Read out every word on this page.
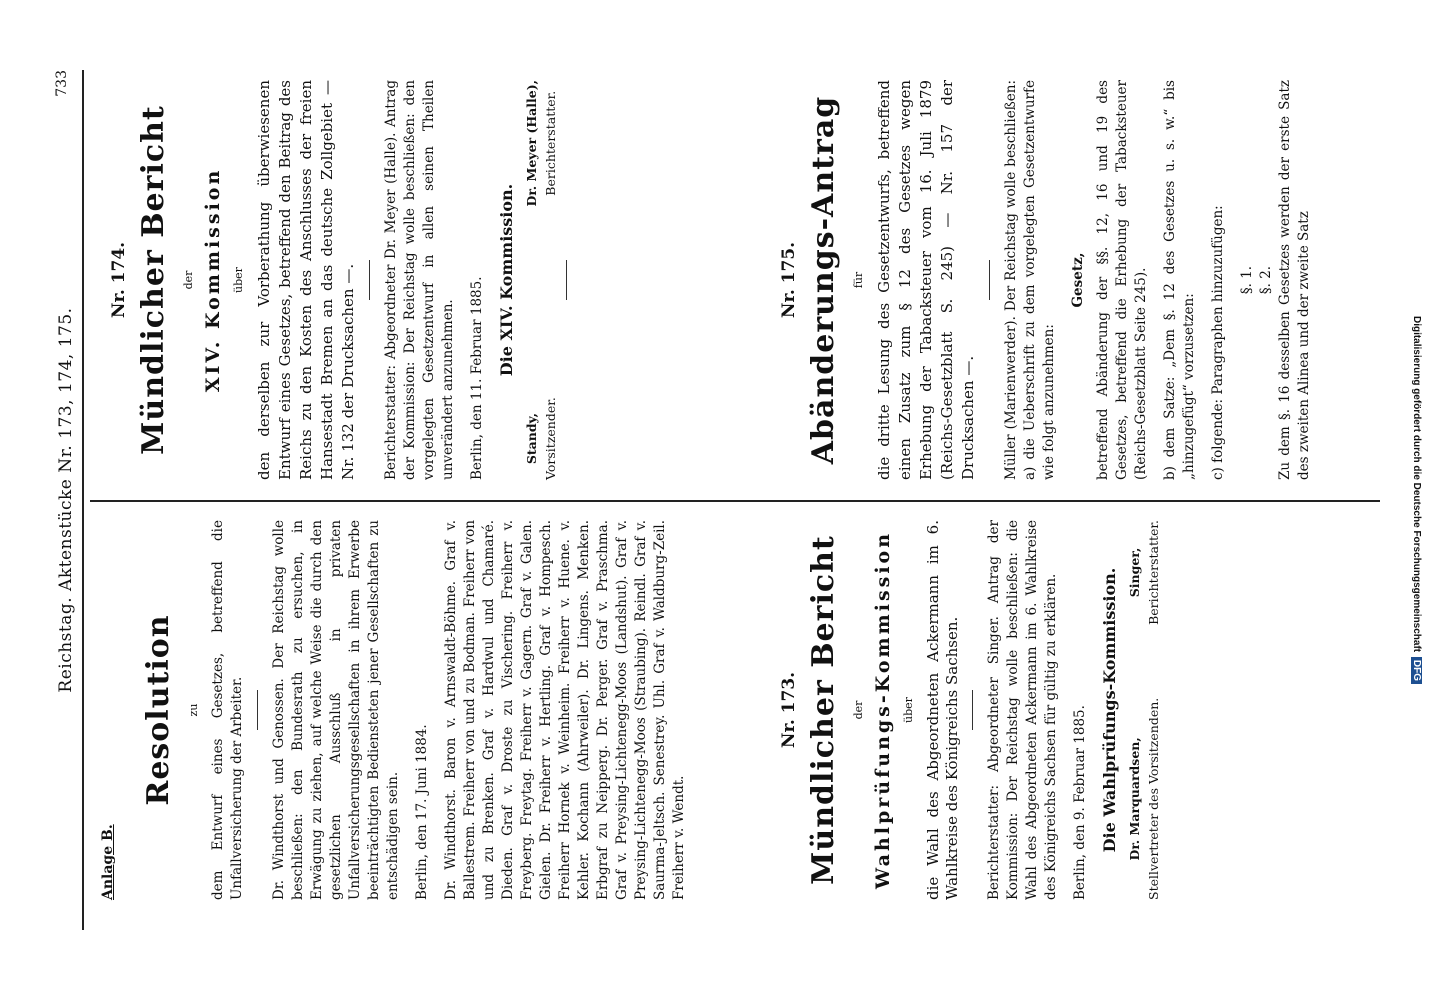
Reichstag. Aktenstücke Nr. 173, 174, 175.
733
Anlage B.
Resolution zu dem Entwurf eines Gesetzes, betreffend die Unfallversicherung der Arbeiter. Dr. Windthorst und Genossen. Der Reichstag wolle beschließen: den Bundesrath zu ersuchen, in Erwägung zu ziehen, auf welche Weise die durch den gesetzlichen Ausschluß in privaten Unfallversicherungsgesellschaften in ihrem Erwerbe beeinträchtigten Bediensteten jener Gesellschaften zu entschädigen sein. Berlin, den 17. Juni 1884. Dr. Windthorst. Baron v. Arnswaldt-Böhme. Graf v. Ballestrem. Freiherr von und zu Bodman. Freiherr von und zu Brenken. Graf v. Hardwul und Chamaré. Dieden. Graf v. Droste zu Vischering. Freiherr v. Freyberg. Freytag. Freiherr v. Gagern. Graf v. Galen. Gielen. Dr. Freiherr v. Hertling. Graf v. Hompesch. Freiherr Hornek v. Weinheim. Freiherr v. Huene. v. Kehler. Kochann (Ahrweiler). Dr. Lingens. Menken. Erbgraf zu Neipperg. Dr. Perger. Graf v. Praschma. Graf v. Preysing-Lichtenegg-Moos (Landshut). Graf v. Preysing-Lichtenegg-Moos (Straubing). Reindl. Graf v. Saurma-Jeltsch. Senestrey. Uhl. Graf v. Waldburg-Zeil. Freiherr v. Wendt.

Nr. 173. Mündlicher Bericht der Wahlprüfungs-Kommission über die Wahl des Abgeordneten Ackermann im 6. Wahlkreise des Königreichs Sachsen. Berichterstatter: Abgeordneter Singer. Antrag der Kommission: Der Reichstag wolle beschließen: die Wahl des Abgeordneten Ackermann im 6. Wahlkreise des Königreichs Sachsen für gültig zu erklären. Berlin, den 9. Februar 1885. Die Wahlprüfungs-Kommission. Dr. Marquardsen, Stellvertreter des Vorsitzenden.
Singer, Berichterstatter.
Nr. 174. Mündlicher Bericht der XIV. Kommission über den derselben zur Vorberathung überwiesenen Entwurf eines Gesetzes, betreffend den Beitrag des Reichs zu den Kosten des Anschlusses der freien Hansestadt Bremen an das deutsche Zollgebiet — Nr. 132 der Drucksachen —. Berichterstatter: Abgeordneter Dr. Meyer (Halle). Antrag der Kommission: Der Reichstag wolle beschließen: den vorgelegten Gesetzentwurf in allen seinen Theilen unverändert anzunehmen. Berlin, den 11. Februar 1885. Die XIV. Kommission.
Standy, Vorsitzender.
Dr. Meyer (Halle), Berichterstatter.
Nr. 175. Abänderungs-Antrag für die dritte Lesung des Gesetzentwurfs, betreffend einen Zusatz zum § 12 des Gesetzes wegen Erhebung der Tabacksteuer vom 16. Juli 1879 (Reichs-Gesetzblatt S. 245) — Nr. 157 der Drucksachen —. Müller (Marienwerder). Der Reichstag wolle beschließen: a) die Ueberschrift zu dem vorgelegten Gesetzentwurfe wie folgt anzunehmen:

Gesetz, betreffend Abänderung der §§. 12, 16 und 19 des Gesetzes, betreffend die Erhebung der Tabacksteuer (Reichs-Gesetzblatt Seite 245). b) dem Satze: „Dem §. 12 des Gesetzes u. s. w.“ bis „hinzugefügt“ vorzusetzen: c) folgende: Paragraphen hinzuzufügen: §. 1. §. 2. Zu dem §. 16 desselben Gesetzes werden der erste Satz des zweiten Alinea und der zweite Satz	Digitalisierung gefördert durch die Deutsche Forschungsgemeinschaft DFG
